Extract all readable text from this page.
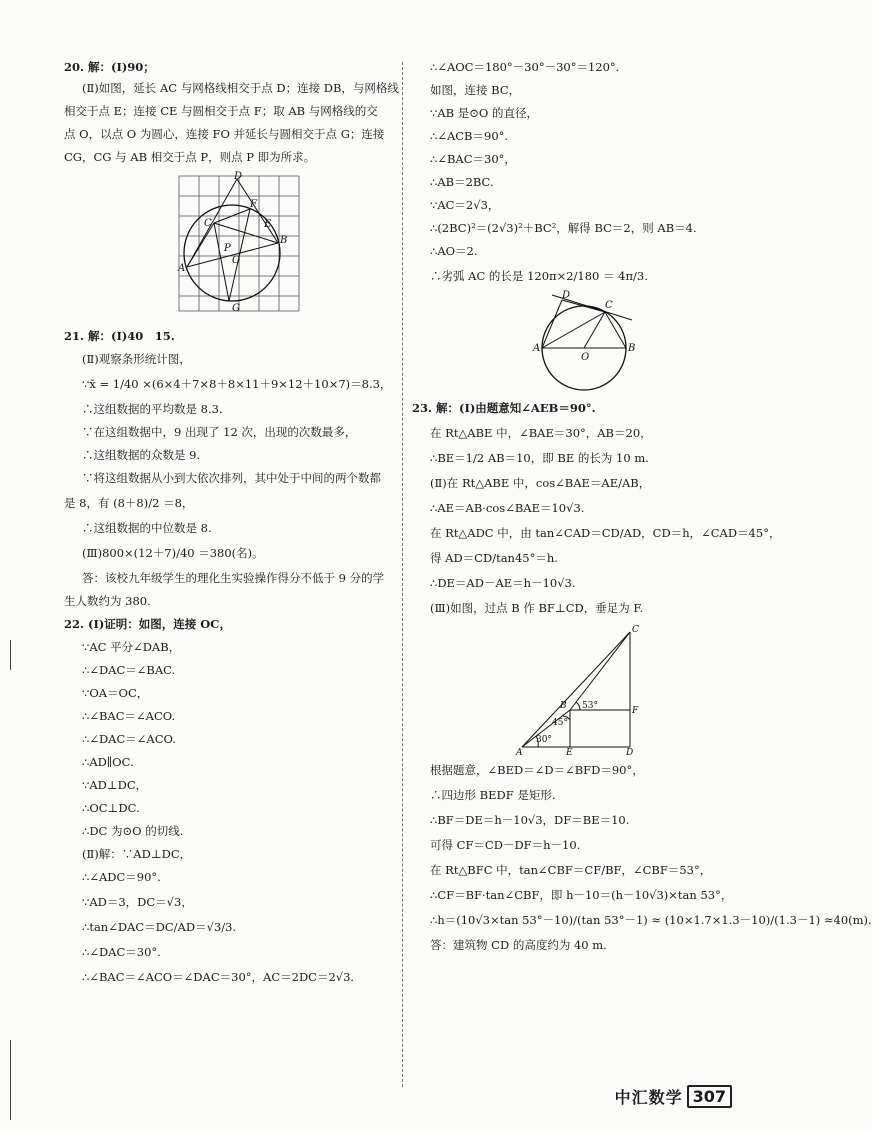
20. 解：(Ⅰ)90；

(Ⅱ)如图，延长 AC 与网格线相交于点 D；连接 DB，与网格线

相交于点 E；连接 CE 与圆相交于点 F；取 AB 与网格线的交

点 O，以点 O 为圆心，连接 FO 并延长与圆相交于点 G；连接

CG，CG 与 AB 相交于点 P，则点 P 即为所求。

D
C
F
B
A
O
P
G
E

21. 解：(Ⅰ)40　15.

(Ⅱ)观察条形统计图，

∵x̄ = 1/40 ×(6×4＋7×8＋8×11＋9×12＋10×7)＝8.3，

∴这组数据的平均数是 8.3.

∵在这组数据中，9 出现了 12 次，出现的次数最多，

∴这组数据的众数是 9.

∵将这组数据从小到大依次排列，其中处于中间的两个数都

是 8，有 (8＋8)/2 ＝8，

∴这组数据的中位数是 8.

(Ⅲ)800×(12＋7)/40 ＝380(名)。

答：该校九年级学生的理化生实验操作得分不低于 9 分的学

生人数约为 380.

22. (Ⅰ)证明：如图，连接 OC，

∵AC 平分∠DAB，

∴∠DAC＝∠BAC.

∵OA＝OC，

∴∠BAC＝∠ACO.

∴∠DAC＝∠ACO.

∴AD∥OC.

∵AD⊥DC，

∴OC⊥DC.

∴DC 为⊙O 的切线.

(Ⅱ)解：∵AD⊥DC，

∴∠ADC＝90°.

∵AD＝3，DC＝√3，

∴tan∠DAC＝DC/AD＝√3/3.

∴∠DAC＝30°.

∴∠BAC＝∠ACO＝∠DAC＝30°，AC＝2DC＝2√3.

∴∠AOC＝180°－30°－30°＝120°.

如图，连接 BC，

∵AB 是⊙O 的直径，

∴∠ACB＝90°.

∴∠BAC＝30°，

∴AB＝2BC.

∵AC＝2√3，

∴(2BC)²＝(2√3)²＋BC²，解得 BC＝2，则 AB＝4.

∴AO＝2.

∴劣弧 AC 的长是 120π×2/180 ＝ 4π/3.

D
C
A	B
O

23. 解：(Ⅰ)由题意知∠AEB＝90°.

在 Rt△ABE 中，∠BAE＝30°，AB＝20，

∴BE＝1/2 AB＝10，即 BE 的长为 10 m.

(Ⅱ)在 Rt△ABE 中，cos∠BAE＝AE/AB，

∴AE＝AB·cos∠BAE＝10√3.

在 Rt△ADC 中，由 tan∠CAD＝CD/AD，CD＝h，∠CAD＝45°，

得 AD＝CD/tan45°＝h.

∴DE＝AD－AE＝h－10√3.

(Ⅲ)如图，过点 B 作 BF⊥CD，垂足为 F.

C
B	F
A	E	D
53°
45°
30°

根据题意，∠BED＝∠D＝∠BFD＝90°，

∴四边形 BEDF 是矩形.

∴BF＝DE＝h－10√3，DF＝BE＝10.

可得 CF＝CD－DF＝h－10.

在 Rt△BFC 中，tan∠CBF＝CF/BF，∠CBF＝53°，

∴CF＝BF·tan∠CBF，即 h－10＝(h－10√3)×tan 53°，

∴h＝(10√3×tan 53°－10)/(tan 53°－1) ≈ (10×1.7×1.3－10)/(1.3－1) ≈40(m).

答：建筑物 CD 的高度约为 40 m.

中汇数学 307
